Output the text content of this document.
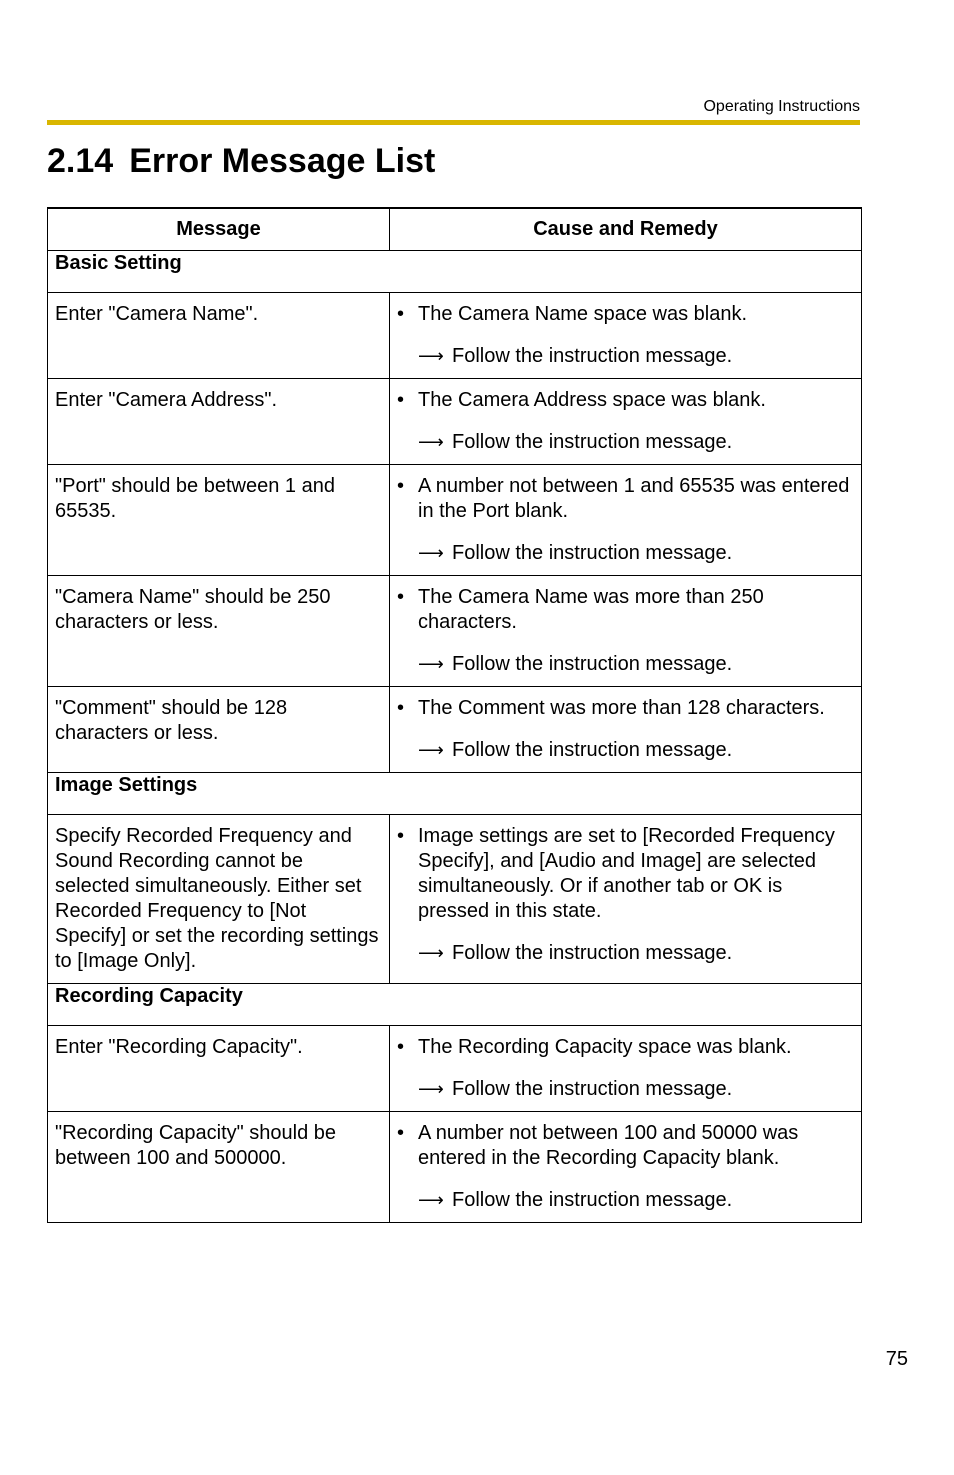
Operating Instructions
2.14 Error Message List
Message	Cause and Remedy
Basic Setting	
Enter "Camera Name".	• The Camera Name space was blank.
⟶ Follow the instruction message.

Enter "Camera Address".	• The Camera Address space was blank.
⟶ Follow the instruction message.

"Port" should be between 1 and 65535.	• A number not between 1 and 65535 was entered in the Port blank.
⟶ Follow the instruction message.

"Camera Name" should be 250 characters or less.	• The Camera Name was more than 250 characters.
⟶ Follow the instruction message.

"Comment" should be 128 characters or less.	• The Comment was more than 128 characters.
⟶ Follow the instruction message.

Image Settings	
Specify Recorded Frequency and Sound Recording cannot be selected simultaneously. Either set Recorded Frequency to [Not Specify] or set the recording settings to [Image Only].	• Image settings are set to [Recorded Frequency Specify], and [Audio and Image] are selected simultaneously. Or if another tab or OK is pressed in this state.
⟶ Follow the instruction message.

Recording Capacity	
Enter "Recording Capacity".	• The Recording Capacity space was blank.
⟶ Follow the instruction message.

"Recording Capacity" should be between 100 and 500000.	• A number not between 100 and 50000 was entered in the Recording Capacity blank.
⟶ Follow the instruction message.
75
